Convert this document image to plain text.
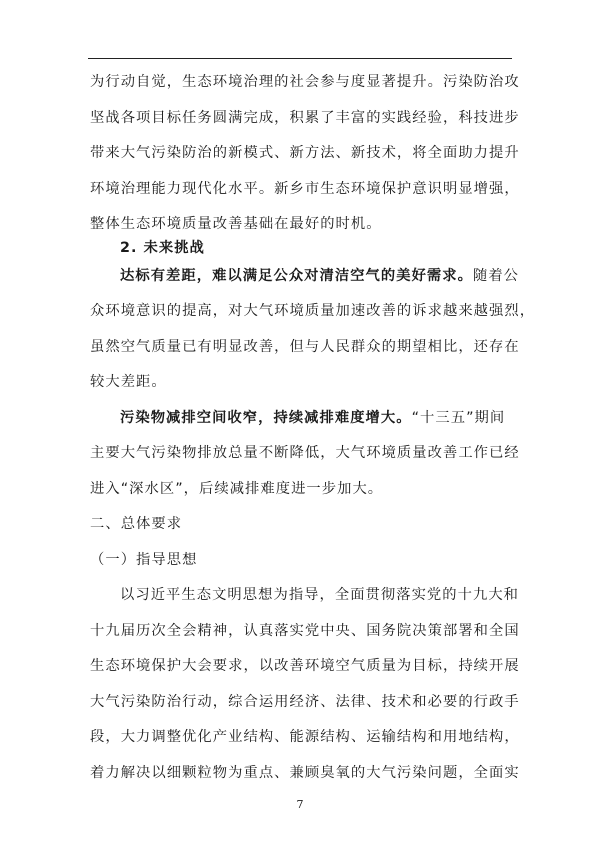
为行动自觉，生态环境治理的社会参与度显著提升。污染防治攻
坚战各项目标任务圆满完成，积累了丰富的实践经验，科技进步
带来大气污染防治的新模式、新方法、新技术，将全面助力提升
环境治理能力现代化水平。新乡市生态环境保护意识明显增强，
整体生态环境质量改善基础在最好的时机。
2. 未来挑战
达标有差距，难以满足公众对清洁空气的美好需求。随着公
众环境意识的提高，对大气环境质量加速改善的诉求越来越强烈，
虽然空气质量已有明显改善，但与人民群众的期望相比，还存在
较大差距。
污染物减排空间收窄，持续减排难度增大。“十三五”期间
主要大气污染物排放总量不断降低，大气环境质量改善工作已经
进入“深水区”，后续减排难度进一步加大。
二、总体要求
（一）指导思想
以习近平生态文明思想为指导，全面贯彻落实党的十九大和
十九届历次全会精神，认真落实党中央、国务院决策部署和全国
生态环境保护大会要求，以改善环境空气质量为目标，持续开展
大气污染防治行动，综合运用经济、法律、技术和必要的行政手
段，大力调整优化产业结构、能源结构、运输结构和用地结构，
着力解决以细颗粒物为重点、兼顾臭氧的大气污染问题，全面实
7
